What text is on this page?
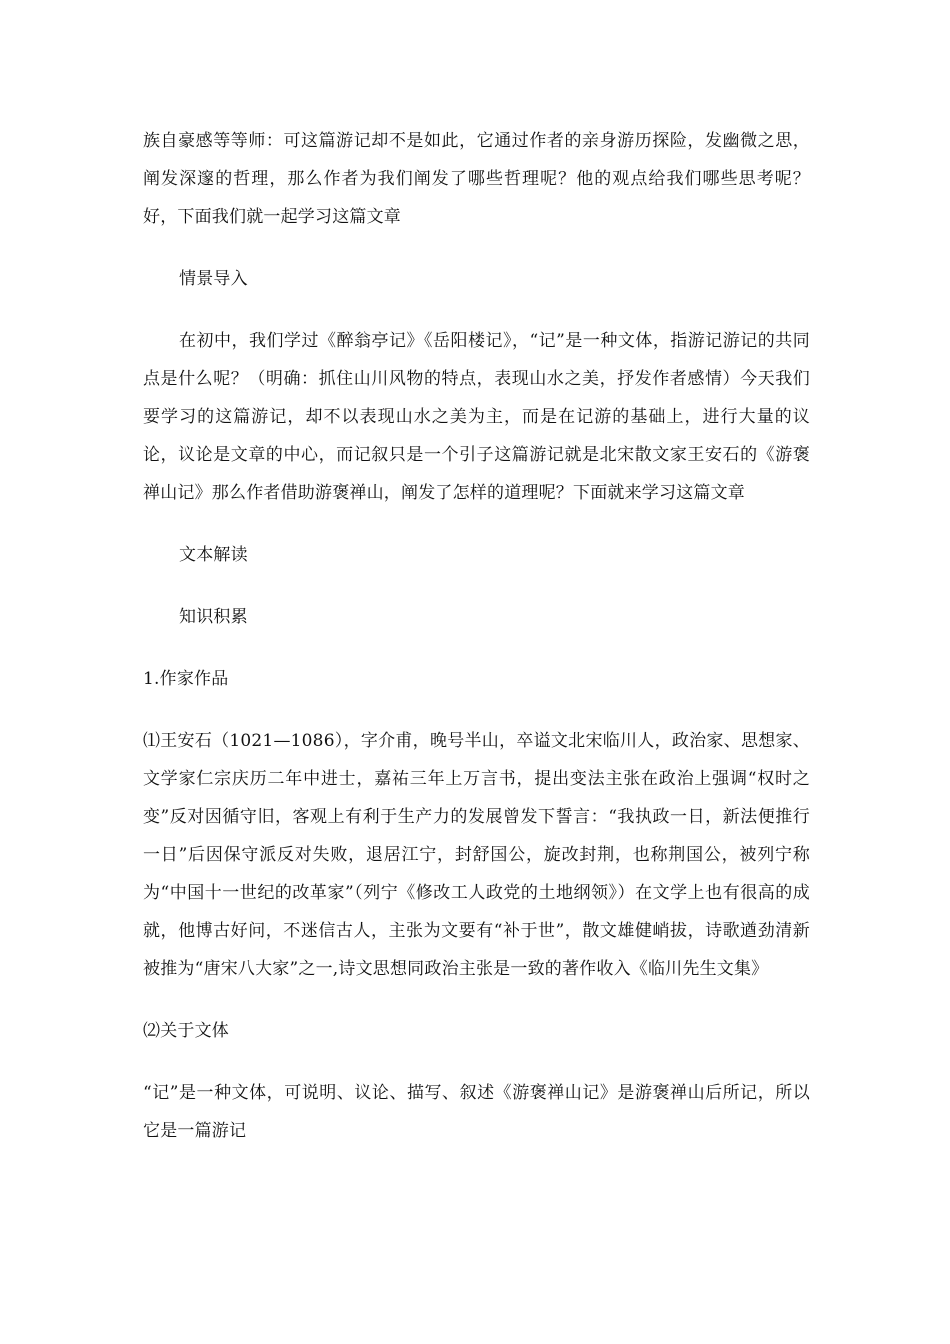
族自豪感等等师：可这篇游记却不是如此，它通过作者的亲身游历探险，发幽微之思，阐发深邃的哲理，那么作者为我们阐发了哪些哲理呢？他的观点给我们哪些思考呢？好，下面我们就一起学习这篇文章

情景导入

在初中，我们学过《醉翁亭记》《岳阳楼记》，“记”是一种文体，指游记游记的共同点是什么呢？（明确：抓住山川风物的特点，表现山水之美，抒发作者感情）今天我们要学习的这篇游记，却不以表现山水之美为主，而是在记游的基础上，进行大量的议论，议论是文章的中心，而记叙只是一个引子这篇游记就是北宋散文家王安石的《游褒禅山记》那么作者借助游褒禅山，阐发了怎样的道理呢？下面就来学习这篇文章

文本解读

知识积累

1.作家作品

⑴王安石（1021—1086），字介甫，晚号半山，卒谥文北宋临川人，政治家、思想家、文学家仁宗庆历二年中进士，嘉祐三年上万言书，提出变法主张在政治上强调“权时之变”反对因循守旧，客观上有利于生产力的发展曾发下誓言：“我执政一日，新法便推行一日”后因保守派反对失败，退居江宁，封舒国公，旋改封荆，也称荆国公，被列宁称为“中国十一世纪的改革家”（列宁《修改工人政党的土地纲领》）在文学上也有很高的成就，他博古好问，不迷信古人，主张为文要有“补于世”，散文雄健峭拔，诗歌遒劲清新被推为“唐宋八大家”之一,诗文思想同政治主张是一致的著作收入《临川先生文集》

⑵关于文体

“记”是一种文体，可说明、议论、描写、叙述《游褒禅山记》是游褒禅山后所记，所以它是一篇游记
